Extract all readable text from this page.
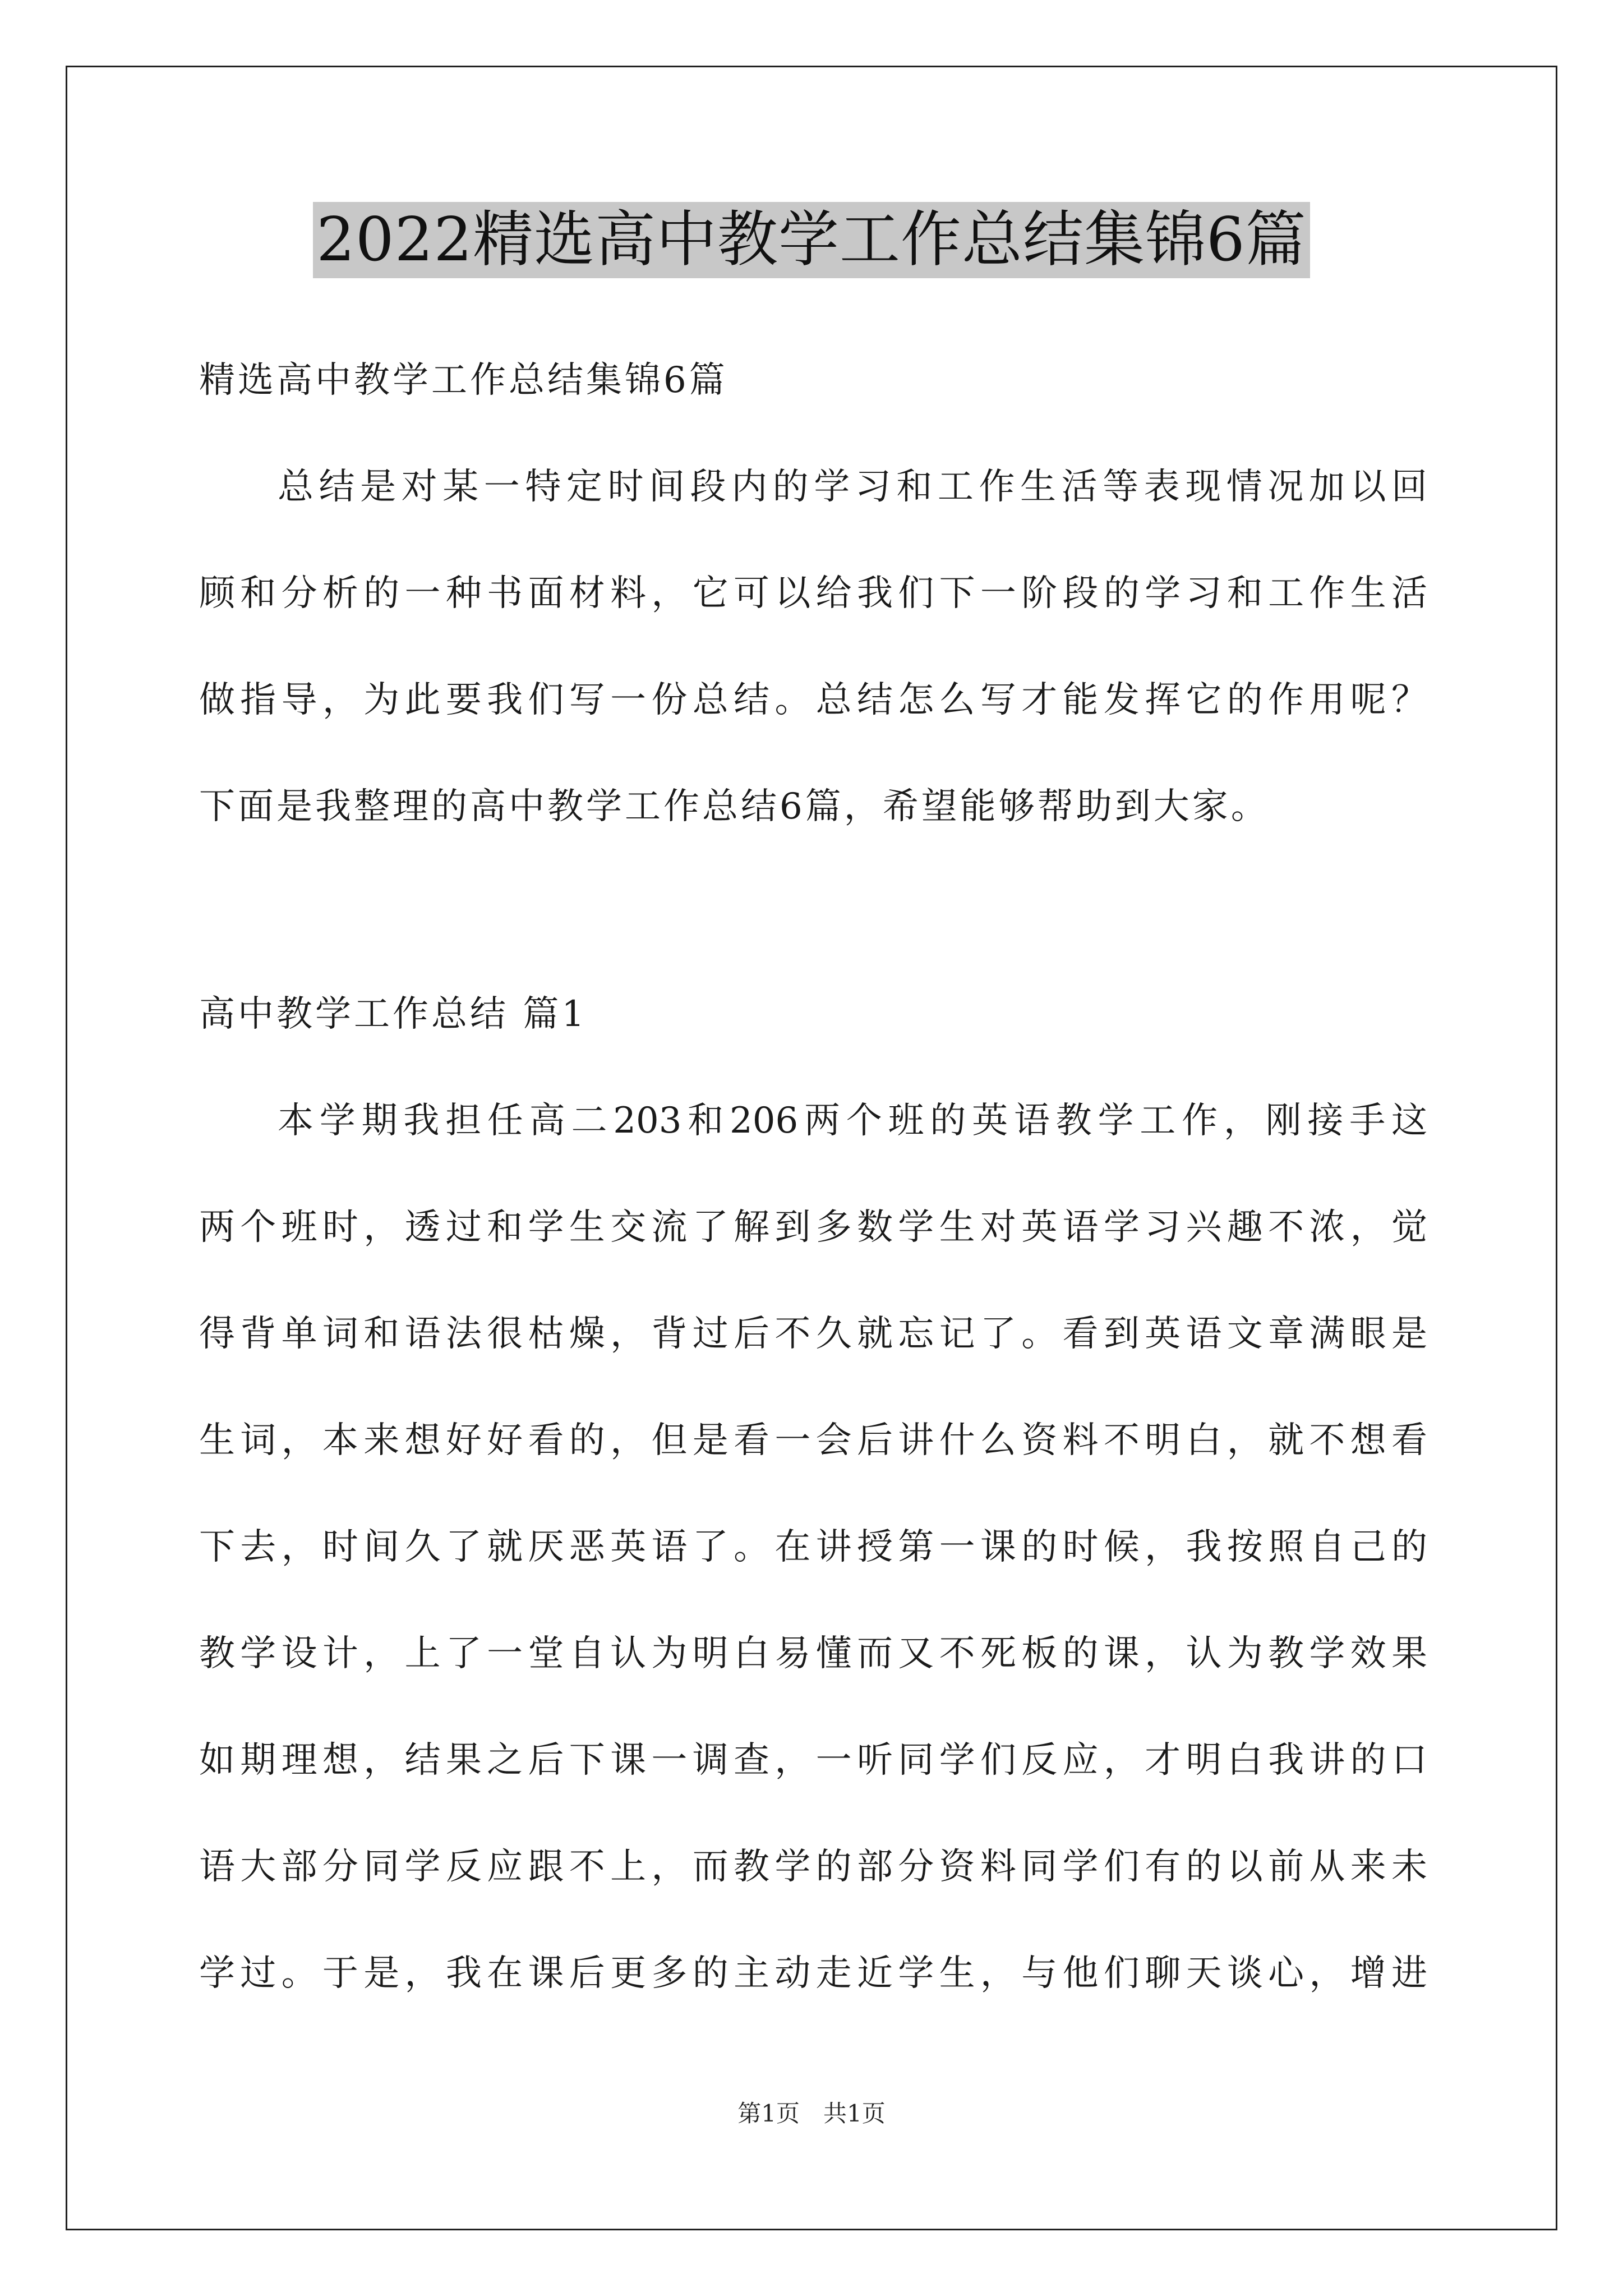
2022精选高中教学工作总结集锦6篇
精选高中教学工作总结集锦6篇
总结是对某一特定时间段内的学习和工作生活等表现情况加以回
顾和分析的一种书面材料，它可以给我们下一阶段的学习和工作生活
做指导，为此要我们写一份总结。总结怎么写才能发挥它的作用呢？
下面是我整理的高中教学工作总结6篇，希望能够帮助到大家。
高中教学工作总结 篇1
本学期我担任高二203和206两个班的英语教学工作，刚接手这
两个班时，透过和学生交流了解到多数学生对英语学习兴趣不浓，觉
得背单词和语法很枯燥，背过后不久就忘记了。看到英语文章满眼是
生词，本来想好好看的，但是看一会后讲什么资料不明白，就不想看
下去，时间久了就厌恶英语了。在讲授第一课的时候，我按照自己的
教学设计，上了一堂自认为明白易懂而又不死板的课，认为教学效果
如期理想，结果之后下课一调查，一听同学们反应，才明白我讲的口
语大部分同学反应跟不上，而教学的部分资料同学们有的以前从来未
学过。于是，我在课后更多的主动走近学生，与他们聊天谈心，增进
第1页　共1页
